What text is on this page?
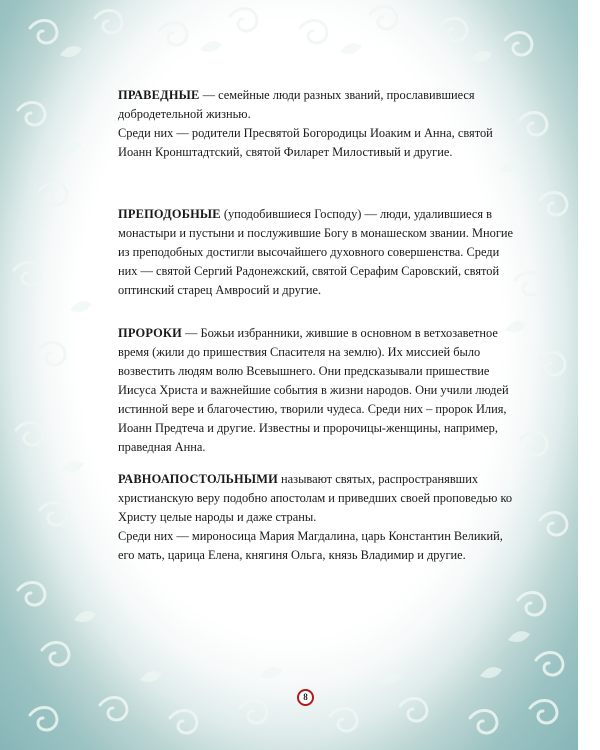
ПРАВЕДНЫЕ — семейные люди разных званий, прославившиеся добродетельной жизнью.

Среди них — родители Пресвятой Богородицы Иоаким и Анна, святой Иоанн Кронштадтский, святой Филарет Милостивый и другие.

ПРЕПОДОБНЫЕ (уподобившиеся Господу) — люди, удалившиеся в монастыри и пустыни и послужившие Богу в монашеском звании. Многие из преподобных достигли высочайшего духовного совершенства. Среди них — святой Сергий Радонежский, святой Серафим Саровский, святой оптинский старец Амвросий и другие.

ПРОРОКИ — Божьи избранники, жившие в основном в ветхозаветное время (жили до пришествия Спасителя на землю). Их миссией было возвестить людям волю Всевышнего. Они предсказывали пришествие Иисуса Христа и важнейшие события в жизни народов. Они учили людей истинной вере и благочестию, творили чудеса. Среди них – пророк Илия, Иоанн Предтеча и другие. Известны и пророчицы-женщины, например, праведная Анна.

РАВНОАПОСТОЛЬНЫМИ называют святых, распространявших христианскую веру подобно апостолам и приведших своей проповедью ко Христу целые народы и даже страны.

Среди них — мироносица Мария Магдалина, царь Константин Великий, его мать, царица Елена, княгиня Ольга, князь Владимир и другие.

8
